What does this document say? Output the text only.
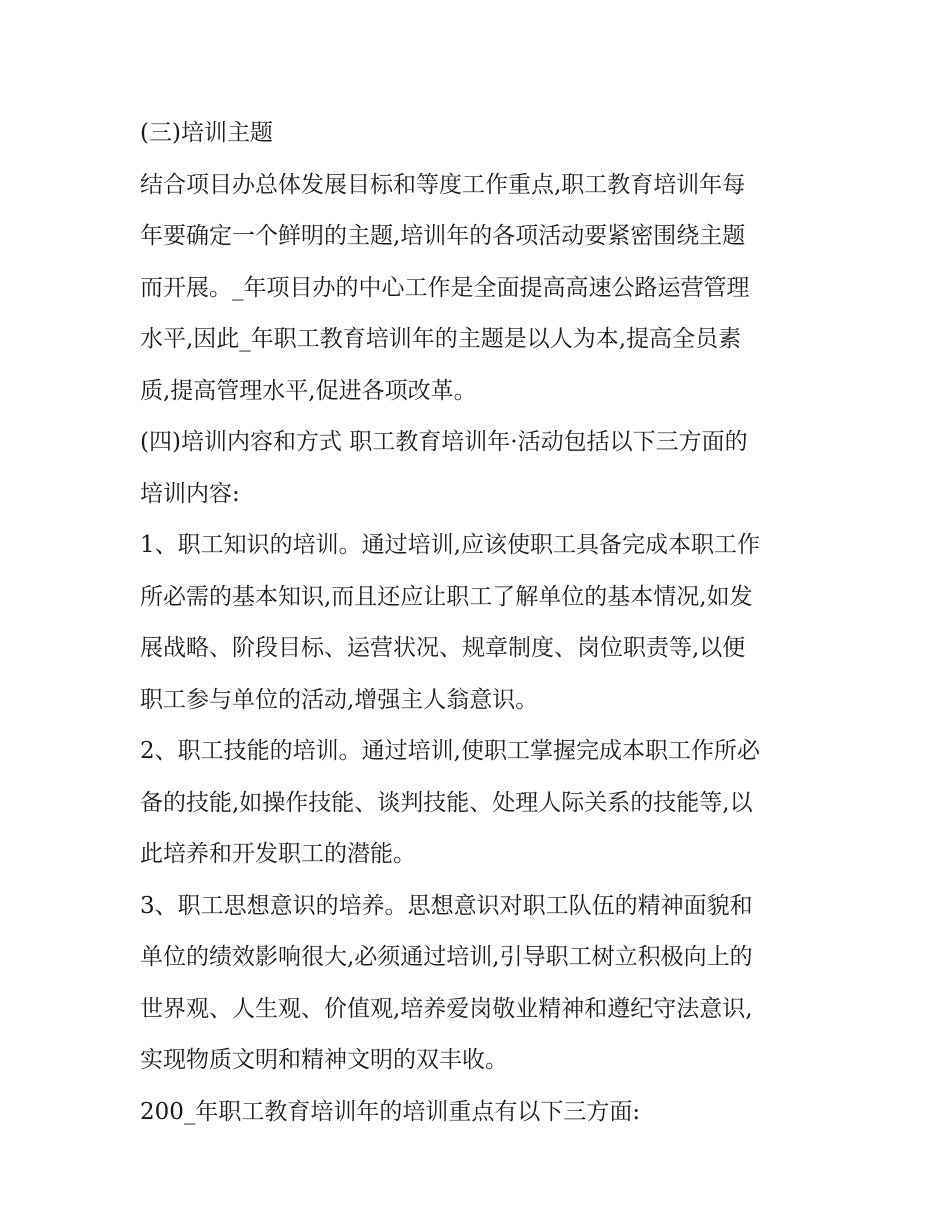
(三)培训主题

结合项目办总体发展目标和等度工作重点,职工教育培训年每
年要确定一个鲜明的主题,培训年的各项活动要紧密围绕主题
而开展。_年项目办的中心工作是全面提高高速公路运营管理
水平,因此_年职工教育培训年的主题是以人为本,提高全员素
质,提高管理水平,促进各项改革。

(四)培训内容和方式 职工教育培训年·活动包括以下三方面的
培训内容:

1、职工知识的培训。通过培训,应该使职工具备完成本职工作
所必需的基本知识,而且还应让职工了解单位的基本情况,如发
展战略、阶段目标、运营状况、规章制度、岗位职责等,以便
职工参与单位的活动,增强主人翁意识。

2、职工技能的培训。通过培训,使职工掌握完成本职工作所必
备的技能,如操作技能、谈判技能、处理人际关系的技能等,以
此培养和开发职工的潜能。

3、职工思想意识的培养。思想意识对职工队伍的精神面貌和
单位的绩效影响很大,必须通过培训,引导职工树立积极向上的
世界观、人生观、价值观,培养爱岗敬业精神和遵纪守法意识,
实现物质文明和精神文明的双丰收。

200_年职工教育培训年的培训重点有以下三方面:
